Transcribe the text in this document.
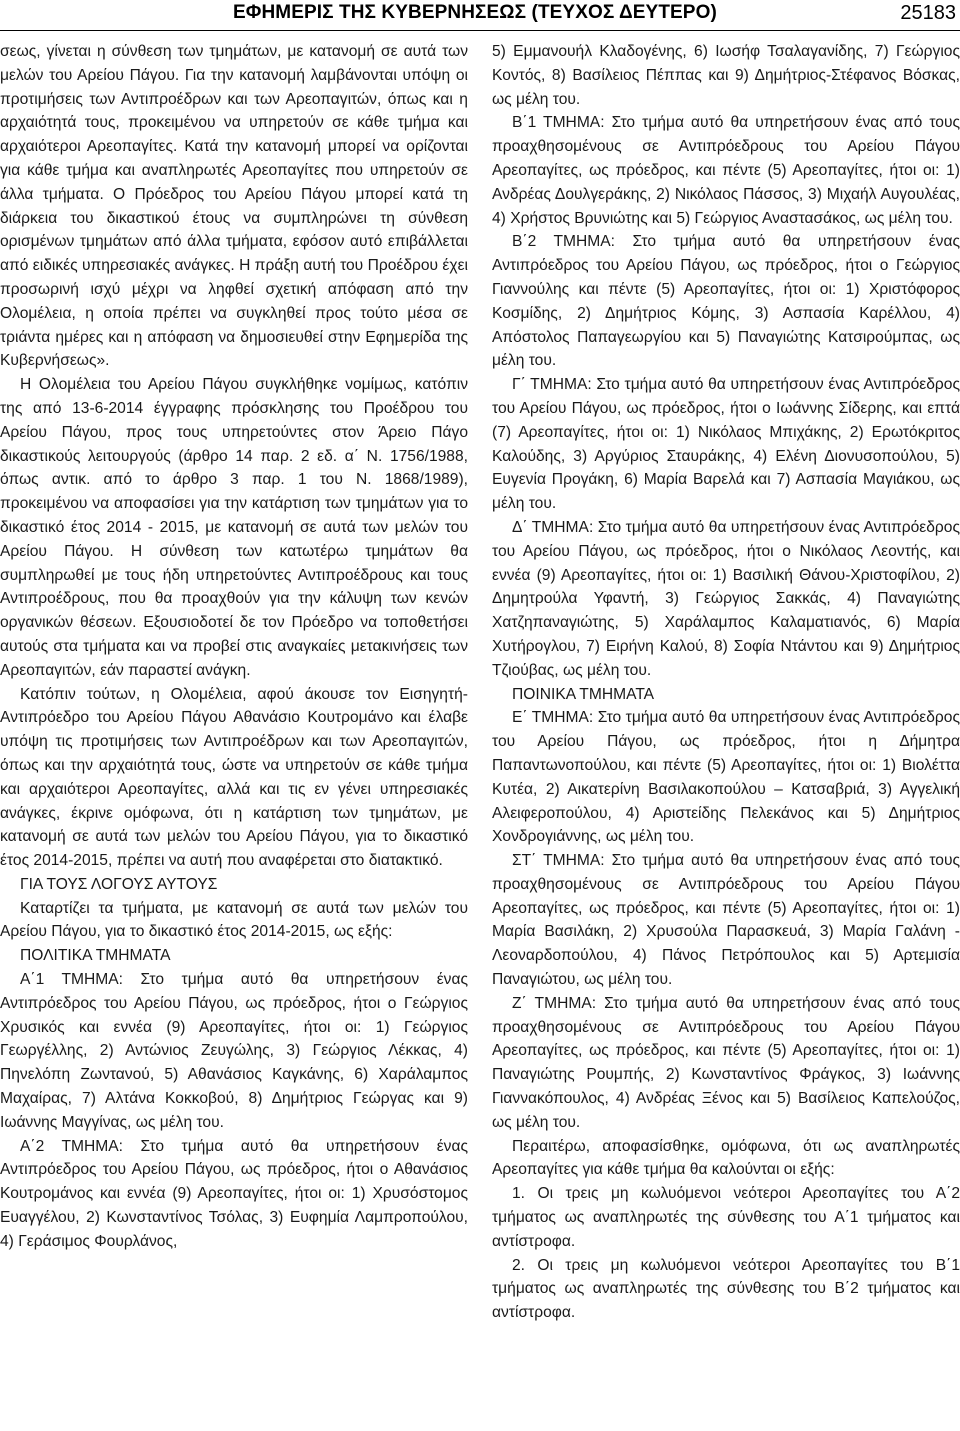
ΕΦΗΜΕΡΙΣ ΤΗΣ ΚΥΒΕΡΝΗΣΕΩΣ (ΤΕΥΧΟΣ ΔΕΥΤΕΡΟ)	25183

σεως, γίνεται η σύνθεση των τμημάτων, με κατανομή σε αυτά των μελών του Αρείου Πάγου. Για την κατανομή λαμβάνονται υπόψη οι προτιμήσεις των Αντιπροέδρων και των Αρεοπαγιτών, όπως και η αρχαιότητά τους, προκειμένου να υπηρετούν σε κάθε τμήμα και αρχαιότεροι Αρεοπαγίτες. Κατά την κατανομή μπορεί να ορίζονται για κάθε τμήμα και αναπληρωτές Αρεοπαγίτες που υπηρετούν σε άλλα τμήματα. Ο Πρόεδρος του Αρείου Πάγου μπορεί κατά τη διάρκεια του δικαστικού έτους να συμπληρώνει τη σύνθεση ορισμένων τμημάτων από άλλα τμήματα, εφόσον αυτό επιβάλλεται από ειδικές υπηρεσιακές ανάγκες. Η πράξη αυτή του Προέδρου έχει προσωρινή ισχύ μέχρι να ληφθεί σχετική απόφαση από την Ολομέλεια, η οποία πρέπει να συγκληθεί προς τούτο μέσα σε τριάντα ημέρες και η απόφαση να δημοσιευθεί στην Εφημερίδα της Κυβερνήσεως».

Η Ολομέλεια του Αρείου Πάγου συγκλήθηκε νομίμως, κατόπιν της από 13-6-2014 έγγραφης πρόσκλησης του Προέδρου του Αρείου Πάγου, προς τους υπηρετούντες στον Άρειο Πάγο δικαστικούς λειτουργούς (άρθρο 14 παρ. 2 εδ. α΄ Ν. 1756/1988, όπως αντικ. από το άρθρο 3 παρ. 1 του Ν. 1868/1989), προκειμένου να αποφασίσει για την κατάρτιση των τμημάτων για το δικαστικό έτος 2014 - 2015, με κατανομή σε αυτά των μελών του Αρείου Πάγου. Η σύνθεση των κατωτέρω τμημάτων θα συμπληρωθεί με τους ήδη υπηρετούντες Αντιπροέδρους και τους Αντιπροέδρους, που θα προαχθούν για την κάλυψη των κενών οργανικών θέσεων. Εξουσιοδοτεί δε τον Πρόεδρο να τοποθετήσει αυτούς στα τμήματα και να προβεί στις αναγκαίες μετακινήσεις των Αρεοπαγιτών, εάν παραστεί ανάγκη.

Κατόπιν τούτων, η Ολομέλεια, αφού άκουσε τον Εισηγητή-Αντιπρόεδρο του Αρείου Πάγου Αθανάσιο Κουτρομάνο και έλαβε υπόψη τις προτιμήσεις των Αντιπροέδρων και των Αρεοπαγιτών, όπως και την αρχαιότητά τους, ώστε να υπηρετούν σε κάθε τμήμα και αρχαιότεροι Αρεοπαγίτες, αλλά και τις εν γένει υπηρεσιακές ανάγκες, έκρινε ομόφωνα, ότι η κατάρτιση των τμημάτων, με κατανομή σε αυτά των μελών του Αρείου Πάγου, για το δικαστικό έτος 2014-2015, πρέπει να αυτή που αναφέρεται στο διατακτικό.

ΓΙΑ ΤΟΥΣ ΛΟΓΟΥΣ ΑΥΤΟΥΣ

Καταρτίζει τα τμήματα, με κατανομή σε αυτά των μελών του Αρείου Πάγου, για το δικαστικό έτος 2014-2015, ως εξής:

ΠΟΛΙΤΙΚΑ ΤΜΗΜΑΤΑ

Α΄1 ΤΜΗΜΑ: Στο τμήμα αυτό θα υπηρετήσουν ένας Αντιπρόεδρος του Αρείου Πάγου, ως πρόεδρος, ήτοι ο Γεώργιος Χρυσικός και εννέα (9) Αρεοπαγίτες, ήτοι οι: 1) Γεώργιος Γεωργέλλης, 2) Αντώνιος Ζευγώλης, 3) Γεώργιος Λέκκας, 4) Πηνελόπη Ζωντανού, 5) Αθανάσιος Καγκάνης, 6) Χαράλαμπος Μαχαίρας, 7) Αλτάνα Κοκκοβού, 8) Δημήτριος Γεώργας και 9) Ιωάννης Μαγγίνας, ως μέλη του.

Α΄2 ΤΜΗΜΑ: Στο τμήμα αυτό θα υπηρετήσουν ένας Αντιπρόεδρος του Αρείου Πάγου, ως πρόεδρος, ήτοι ο Αθανάσιος Κουτρομάνος και εννέα (9) Αρεοπαγίτες, ήτοι οι: 1) Χρυσόστομος Ευαγγέλου, 2) Κωνσταντίνος Τσόλας, 3) Ευφημία Λαμπροπούλου, 4) Γεράσιμος Φουρλάνος,

5) Εμμανουήλ Κλαδογένης, 6) Ιωσήφ Τσαλαγανίδης, 7) Γεώργιος Κοντός, 8) Βασίλειος Πέππας και 9) Δημήτριος-Στέφανος Βόσκας, ως μέλη του.

Β΄1 ΤΜΗΜΑ: Στο τμήμα αυτό θα υπηρετήσουν ένας από τους προαχθησομένους σε Αντιπρόεδρους του Αρείου Πάγου Αρεοπαγίτες, ως πρόεδρος, και πέντε (5) Αρεοπαγίτες, ήτοι οι: 1) Ανδρέας Δουλγεράκης, 2) Νικόλαος Πάσσος, 3) Μιχαήλ Αυγουλέας, 4) Χρήστος Βρυνιώτης και 5) Γεώργιος Αναστασάκος, ως μέλη του.

Β΄2 ΤΜΗΜΑ: Στο τμήμα αυτό θα υπηρετήσουν ένας Αντιπρόεδρος του Αρείου Πάγου, ως πρόεδρος, ήτοι ο Γεώργιος Γιαννούλης και πέντε (5) Αρεοπαγίτες, ήτοι οι: 1) Χριστόφορος Κοσμίδης, 2) Δημήτριος Κόμης, 3) Ασπασία Καρέλλου, 4) Απόστολος Παπαγεωργίου και 5) Παναγιώτης Κατσιρούμπας, ως μέλη του.

Γ΄ ΤΜΗΜΑ: Στο τμήμα αυτό θα υπηρετήσουν ένας Αντιπρόεδρος του Αρείου Πάγου, ως πρόεδρος, ήτοι ο Ιωάννης Σίδερης, και επτά (7) Αρεοπαγίτες, ήτοι οι: 1) Νικόλαος Μπιχάκης, 2) Ερωτόκριτος Καλούδης, 3) Αργύριος Σταυράκης, 4) Ελένη Διονυσοπούλου, 5) Ευγενία Προγάκη, 6) Μαρία Βαρελά και 7) Ασπασία Μαγιάκου, ως μέλη του.

Δ΄ ΤΜΗΜΑ: Στο τμήμα αυτό θα υπηρετήσουν ένας Αντιπρόεδρος του Αρείου Πάγου, ως πρόεδρος, ήτοι ο Νικόλαος Λεοντής, και εννέα (9) Αρεοπαγίτες, ήτοι οι: 1) Βασιλική Θάνου-Χριστοφίλου, 2) Δημητρούλα Υφαντή, 3) Γεώργιος Σακκάς, 4) Παναγιώτης Χατζηπαναγιώτης, 5) Χαράλαμπος Καλαματιανός, 6) Μαρία Χυτήρογλου, 7) Ειρήνη Καλού, 8) Σοφία Ντάντου και 9) Δημήτριος Τζιούβας, ως μέλη του.

ΠΟΙΝΙΚΑ ΤΜΗΜΑΤΑ

Ε΄ ΤΜΗΜΑ: Στο τμήμα αυτό θα υπηρετήσουν ένας Αντιπρόεδρος του Αρείου Πάγου, ως πρόεδρος, ήτοι η Δήμητρα Παπαντωνοπούλου, και πέντε (5) Αρεοπαγίτες, ήτοι οι: 1) Βιολέττα Κυτέα, 2) Αικατερίνη Βασιλακοπούλου – Κατσαβριά, 3) Αγγελική Αλειφεροπούλου, 4) Αριστείδης Πελεκάνος και 5) Δημήτριος Χονδρογιάννης, ως μέλη του.

ΣΤ΄ ΤΜΗΜΑ: Στο τμήμα αυτό θα υπηρετήσουν ένας από τους προαχθησομένους σε Αντιπρόεδρους του Αρείου Πάγου Αρεοπαγίτες, ως πρόεδρος, και πέντε (5) Αρεοπαγίτες, ήτοι οι: 1) Μαρία Βασιλάκη, 2) Χρυσούλα Παρασκευά, 3) Μαρία Γαλάνη - Λεοναρδοπούλου, 4) Πάνος Πετρόπουλος και 5) Αρτεμισία Παναγιώτου, ως μέλη του.

Ζ΄ ΤΜΗΜΑ: Στο τμήμα αυτό θα υπηρετήσουν ένας από τους προαχθησομένους σε Αντιπρόεδρους του Αρείου Πάγου Αρεοπαγίτες, ως πρόεδρος, και πέντε (5) Αρεοπαγίτες, ήτοι οι: 1) Παναγιώτης Ρουμπής, 2) Κωνσταντίνος Φράγκος, 3) Ιωάννης Γιαννακόπουλος, 4) Ανδρέας Ξένος και 5) Βασίλειος Καπελούζος, ως μέλη του.

Περαιτέρω, αποφασίσθηκε, ομόφωνα, ότι ως αναπληρωτές Αρεοπαγίτες για κάθε τμήμα θα καλούνται οι εξής:

1. Οι τρεις μη κωλυόμενοι νεότεροι Αρεοπαγίτες του Α΄2 τμήματος ως αναπληρωτές της σύνθεσης του Α΄1 τμήματος και αντίστροφα.

2. Οι τρεις μη κωλυόμενοι νεότεροι Αρεοπαγίτες του Β΄1 τμήματος ως αναπληρωτές της σύνθεσης του Β΄2 τμήματος και αντίστροφα.
